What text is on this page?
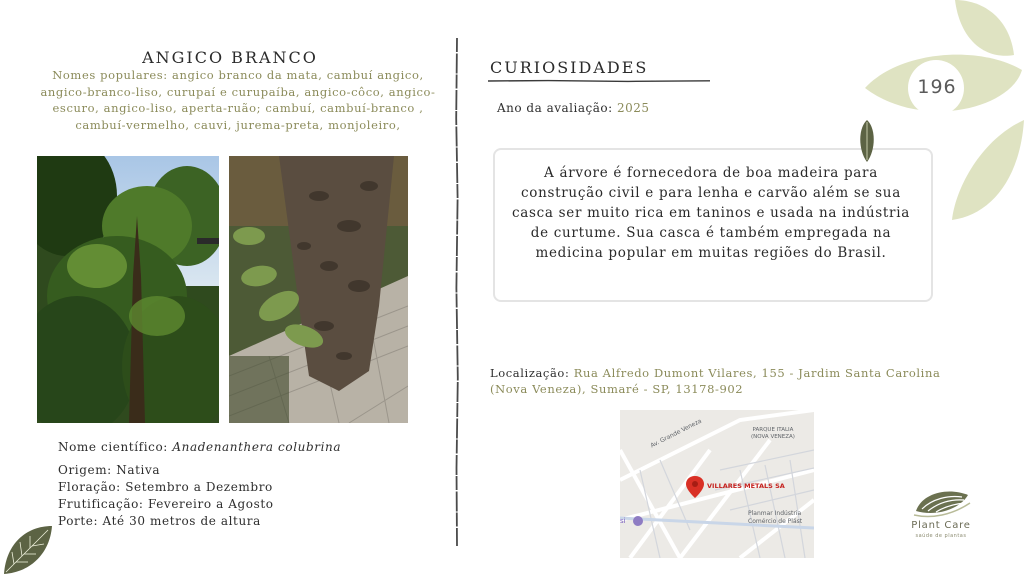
ANGICO BRANCO
Nomes populares: angico branco da mata, cambuí angico, angico-branco-liso, curupaí e curupaíba, angico-côco, angico-escuro, angico-liso, aperta-ruão; cambuí, cambuí-branco , cambuí-vermelho, cauvi, jurema-preta, monjoleiro,
Nome científico: Anadenanthera colubrina
Origem: Nativa
Floração: Setembro a Dezembro
Frutificação: Fevereiro a Agosto
Porte: Até 30 metros de altura
CURIOSIDADES
Ano da avaliação: 2025
A árvore é fornecedora de boa madeira para construção civil e para lenha e carvão além se sua casca ser muito rica em taninos e usada na indústria de curtume. Sua casca é também empregada na medicina popular em muitas regiões do Brasil.
Localização: Rua Alfredo Dumont Vilares, 155 - Jardim Santa Carolina (Nova Veneza), Sumaré - SP, 13178-902
Av. Grande Veneza	PARQUE ITALIA
(NOVA VENEZA)
VILLARES METALS SA
Planmar Indústria
Comércio de Plást
si
196
Plant Care
saúde de plantas
